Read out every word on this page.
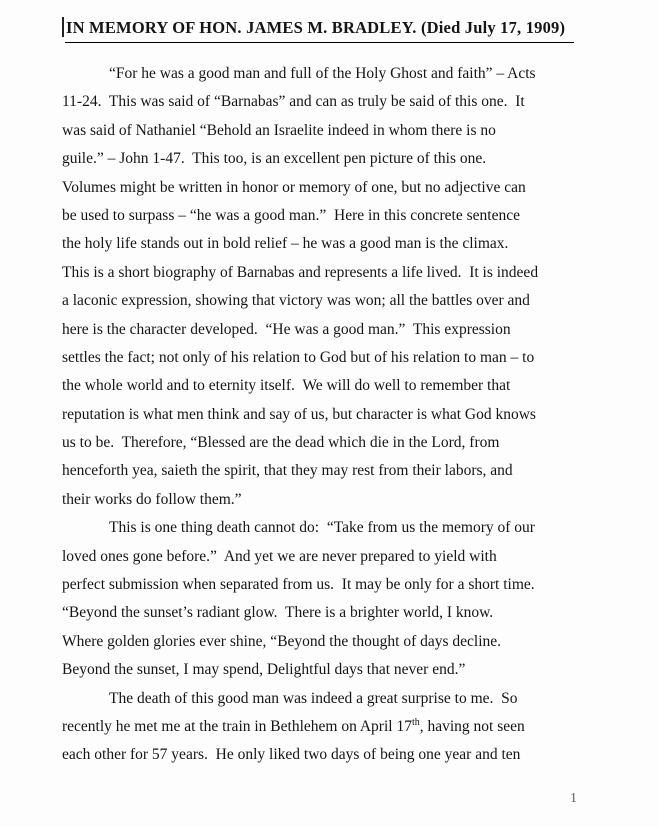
IN MEMORY OF HON. JAMES M. BRADLEY. (Died July 17, 1909)
“For he was a good man and full of the Holy Ghost and faith” – Acts
11-24.  This was said of “Barnabas” and can as truly be said of this one.  It
was said of Nathaniel “Behold an Israelite indeed in whom there is no
guile.” – John 1-47.  This too, is an excellent pen picture of this one.
Volumes might be written in honor or memory of one, but no adjective can
be used to surpass – “he was a good man.”  Here in this concrete sentence
the holy life stands out in bold relief – he was a good man is the climax.
This is a short biography of Barnabas and represents a life lived.  It is indeed
a laconic expression, showing that victory was won; all the battles over and
here is the character developed.  “He was a good man.”  This expression
settles the fact; not only of his relation to God but of his relation to man – to
the whole world and to eternity itself.  We will do well to remember that
reputation is what men think and say of us, but character is what God knows
us to be.  Therefore, “Blessed are the dead which die in the Lord, from
henceforth yea, saieth the spirit, that they may rest from their labors, and
their works do follow them.”
This is one thing death cannot do:  “Take from us the memory of our
loved ones gone before.”  And yet we are never prepared to yield with
perfect submission when separated from us.  It may be only for a short time.
“Beyond the sunset’s radiant glow.  There is a brighter world, I know.
Where golden glories ever shine, “Beyond the thought of days decline.
Beyond the sunset, I may spend, Delightful days that never end.”
The death of this good man was indeed a great surprise to me.  So
recently he met me at the train in Bethlehem on April 17th, having not seen
each other for 57 years.  He only liked two days of being one year and ten
1
